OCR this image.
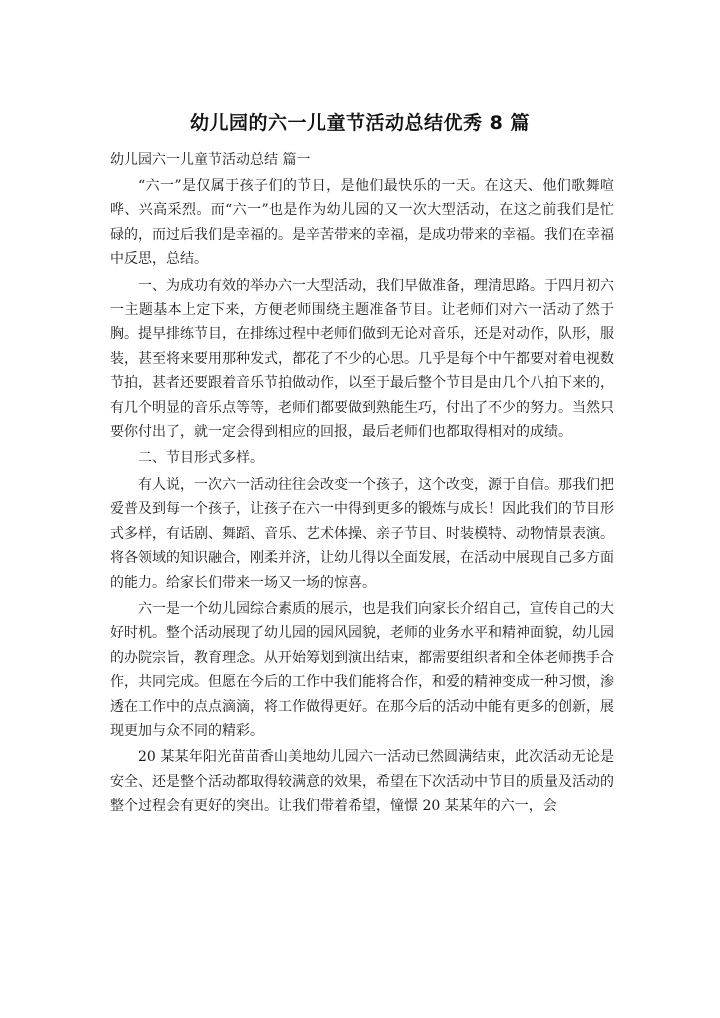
幼儿园的六一儿童节活动总结优秀 8 篇

幼儿园六一儿童节活动总结 篇一

“六一”是仅属于孩子们的节日，是他们最快乐的一天。在这天、他们歌舞喧哗、兴高采烈。而“六一”也是作为幼儿园的又一次大型活动，在这之前我们是忙碌的，而过后我们是幸福的。是辛苦带来的幸福，是成功带来的幸福。我们在幸福中反思，总结。

一、为成功有效的举办六一大型活动，我们早做准备，理清思路。于四月初六一主题基本上定下来，方便老师围绕主题准备节目。让老师们对六一活动了然于胸。提早排练节目，在排练过程中老师们做到无论对音乐，还是对动作，队形，服装，甚至将来要用那种发式，都花了不少的心思。几乎是每个中午都要对着电视数节拍，甚者还要跟着音乐节拍做动作，以至于最后整个节目是由几个八拍下来的，有几个明显的音乐点等等，老师们都要做到熟能生巧，付出了不少的努力。当然只要你付出了，就一定会得到相应的回报，最后老师们也都取得相对的成绩。

二、节目形式多样。

有人说，一次六一活动往往会改变一个孩子，这个改变，源于自信。那我们把爱普及到每一个孩子，让孩子在六一中得到更多的锻炼与成长！因此我们的节目形式多样，有话剧、舞蹈、音乐、艺术体操、亲子节目、时装模特、动物情景表演。将各领域的知识融合，刚柔并济，让幼儿得以全面发展，在活动中展现自己多方面的能力。给家长们带来一场又一场的惊喜。

六一是一个幼儿园综合素质的展示，也是我们向家长介绍自己，宣传自己的大好时机。整个活动展现了幼儿园的园风园貌，老师的业务水平和精神面貌，幼儿园的办院宗旨，教育理念。从开始筹划到演出结束，都需要组织者和全体老师携手合作，共同完成。但愿在今后的工作中我们能将合作，和爱的精神变成一种习惯，渗透在工作中的点点滴滴，将工作做得更好。在那今后的活动中能有更多的创新，展现更加与众不同的精彩。

20 某某年阳光苗苗香山美地幼儿园六一活动已然圆满结束，此次活动无论是安全、还是整个活动都取得较满意的效果，希望在下次活动中节目的质量及活动的整个过程会有更好的突出。让我们带着希望，憧憬 20 某某年的六一，会
